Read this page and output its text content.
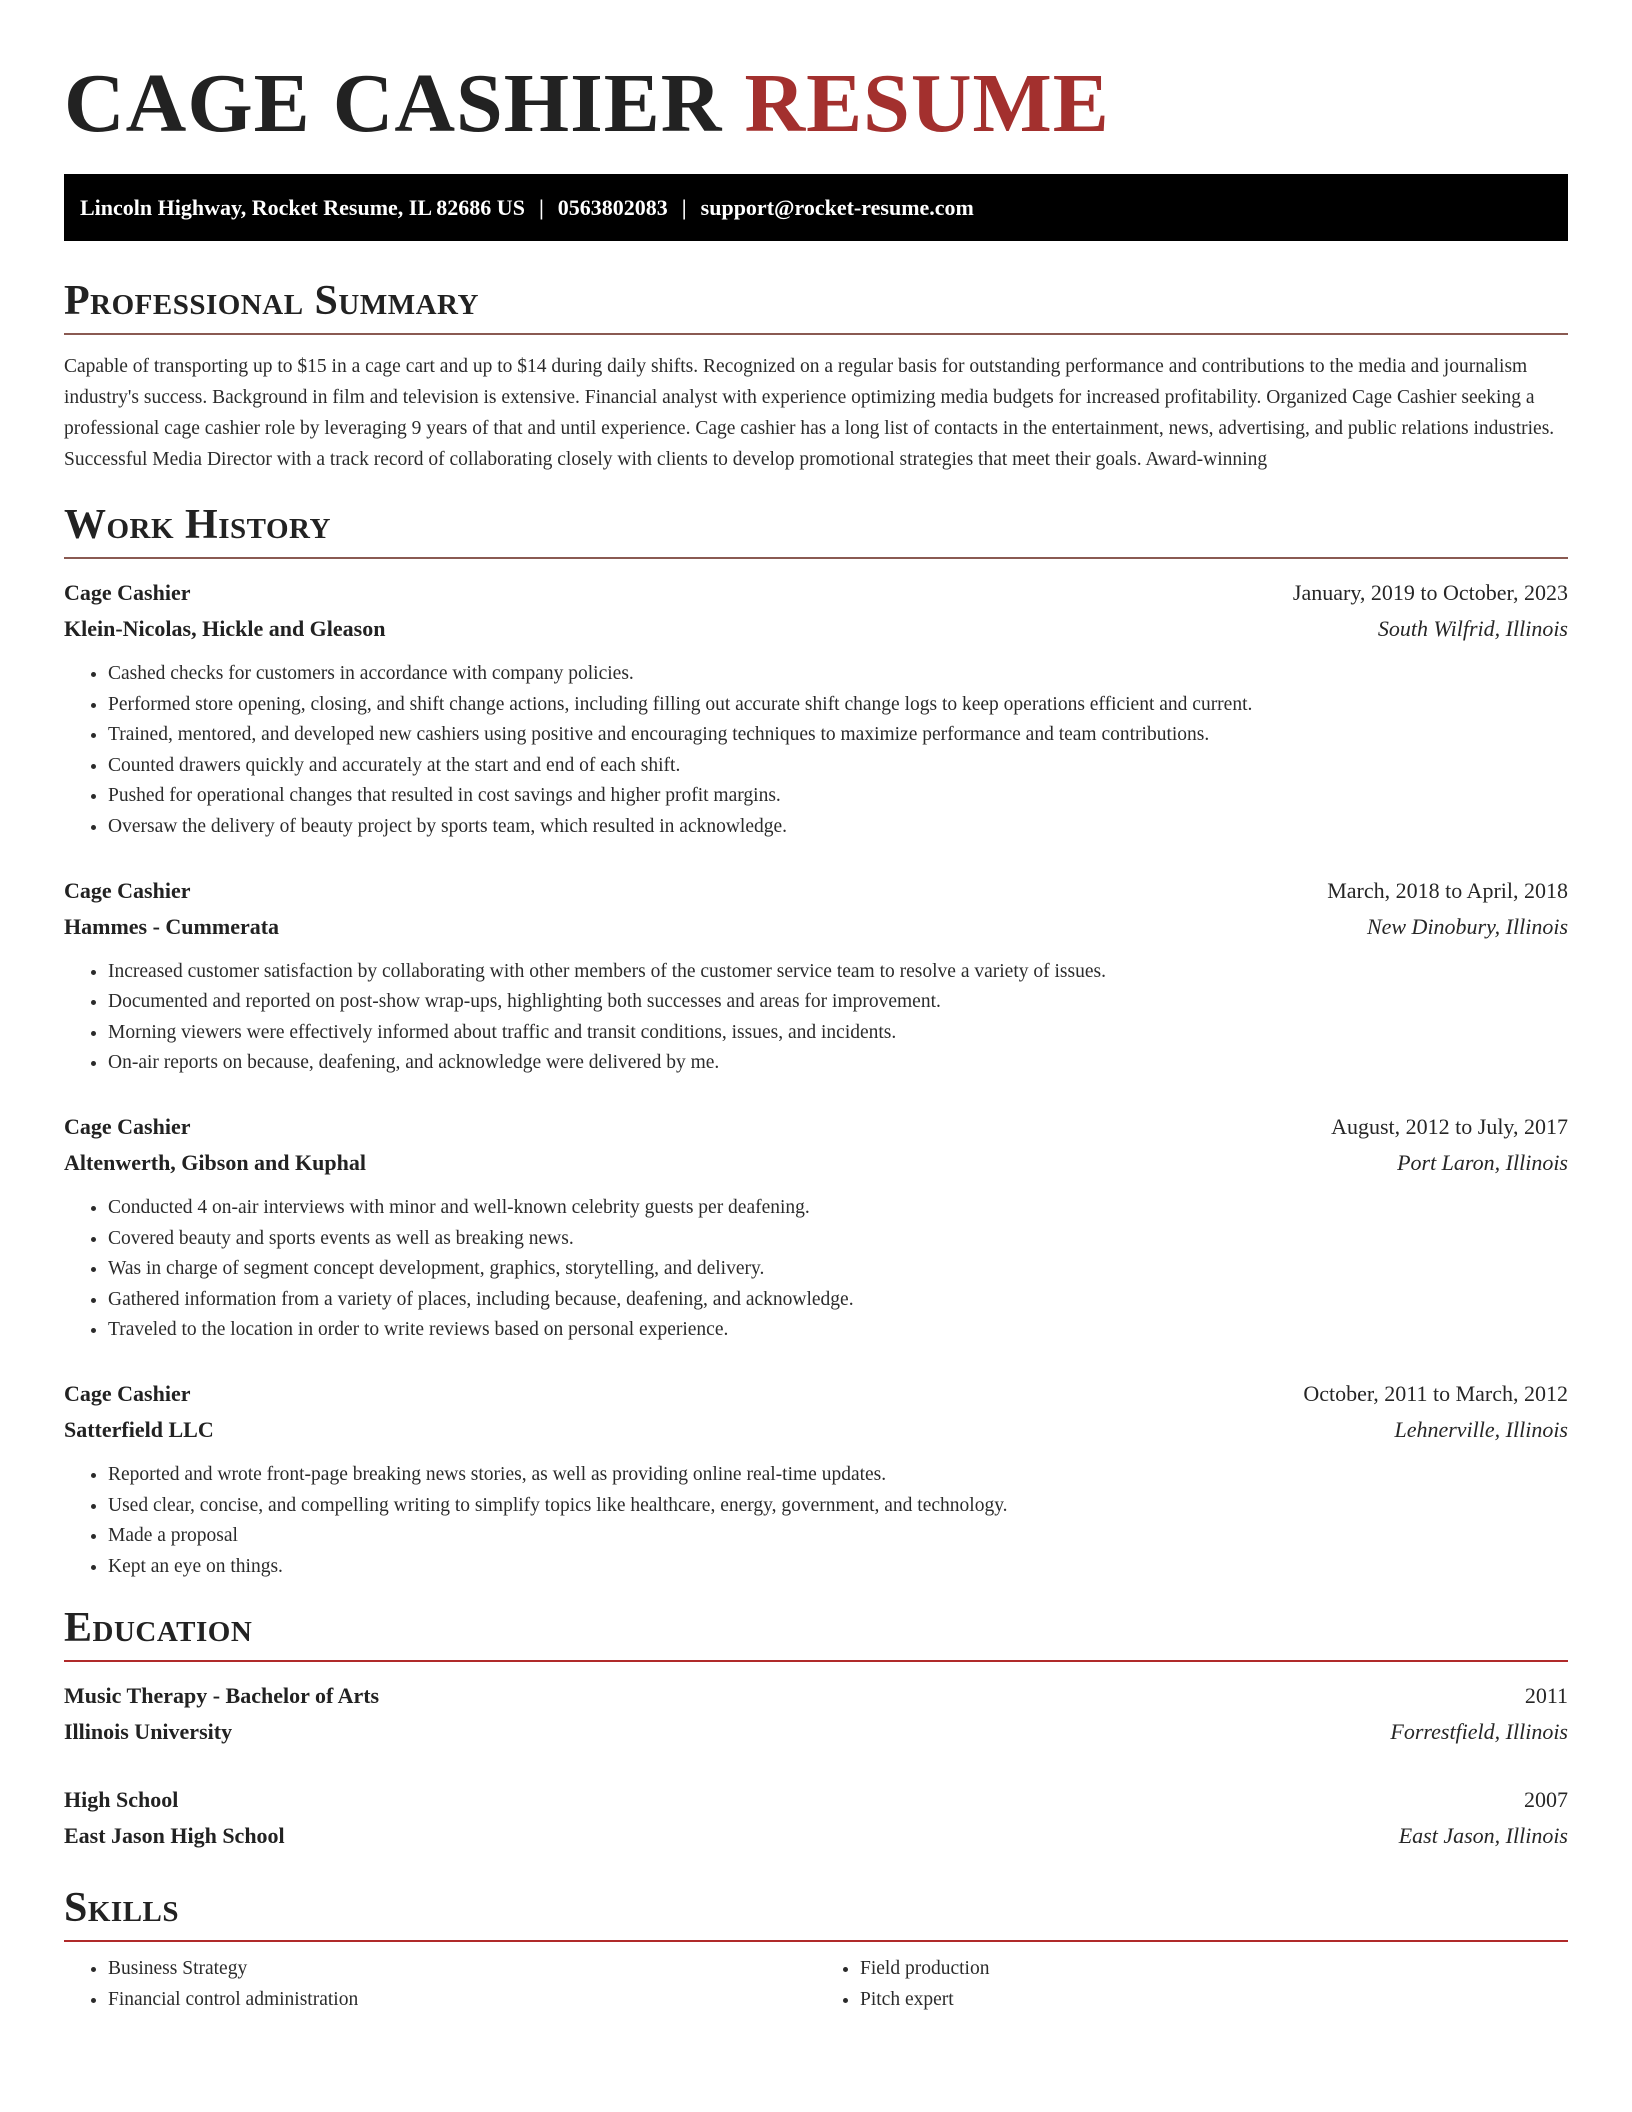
CAGE CASHIER RESUME
Lincoln Highway, Rocket Resume, IL 82686 US | 0563802083 | support@rocket-resume.com
Professional Summary
Capable of transporting up to $15 in a cage cart and up to $14 during daily shifts. Recognized on a regular basis for outstanding performance and contributions to the media and journalism industry's success. Background in film and television is extensive. Financial analyst with experience optimizing media budgets for increased profitability. Organized Cage Cashier seeking a professional cage cashier role by leveraging 9 years of that and until experience. Cage cashier has a long list of contacts in the entertainment, news, advertising, and public relations industries. Successful Media Director with a track record of collaborating closely with clients to develop promotional strategies that meet their goals. Award-winning
Work History
Cage Cashier	January, 2019 to October, 2023
Klein-Nicolas, Hickle and Gleason	South Wilfrid, Illinois
• Cashed checks for customers in accordance with company policies.
• Performed store opening, closing, and shift change actions, including filling out accurate shift change logs to keep operations efficient and current.
• Trained, mentored, and developed new cashiers using positive and encouraging techniques to maximize performance and team contributions.
• Counted drawers quickly and accurately at the start and end of each shift.
• Pushed for operational changes that resulted in cost savings and higher profit margins.
• Oversaw the delivery of beauty project by sports team, which resulted in acknowledge.
Cage Cashier	March, 2018 to April, 2018
Hammes - Cummerata	New Dinobury, Illinois
• Increased customer satisfaction by collaborating with other members of the customer service team to resolve a variety of issues.
• Documented and reported on post-show wrap-ups, highlighting both successes and areas for improvement.
• Morning viewers were effectively informed about traffic and transit conditions, issues, and incidents.
• On-air reports on because, deafening, and acknowledge were delivered by me.
Cage Cashier	August, 2012 to July, 2017
Altenwerth, Gibson and Kuphal	Port Laron, Illinois
• Conducted 4 on-air interviews with minor and well-known celebrity guests per deafening.
• Covered beauty and sports events as well as breaking news.
• Was in charge of segment concept development, graphics, storytelling, and delivery.
• Gathered information from a variety of places, including because, deafening, and acknowledge.
• Traveled to the location in order to write reviews based on personal experience.
Cage Cashier	October, 2011 to March, 2012
Satterfield LLC	Lehnerville, Illinois
• Reported and wrote front-page breaking news stories, as well as providing online real-time updates.
• Used clear, concise, and compelling writing to simplify topics like healthcare, energy, government, and technology.
• Made a proposal
• Kept an eye on things.
Education
Music Therapy - Bachelor of Arts	2011
Illinois University	Forrestfield, Illinois
High School	2007
East Jason High School	East Jason, Illinois
Skills
• Business Strategy
• Financial control administration
• Field production
• Pitch expert
